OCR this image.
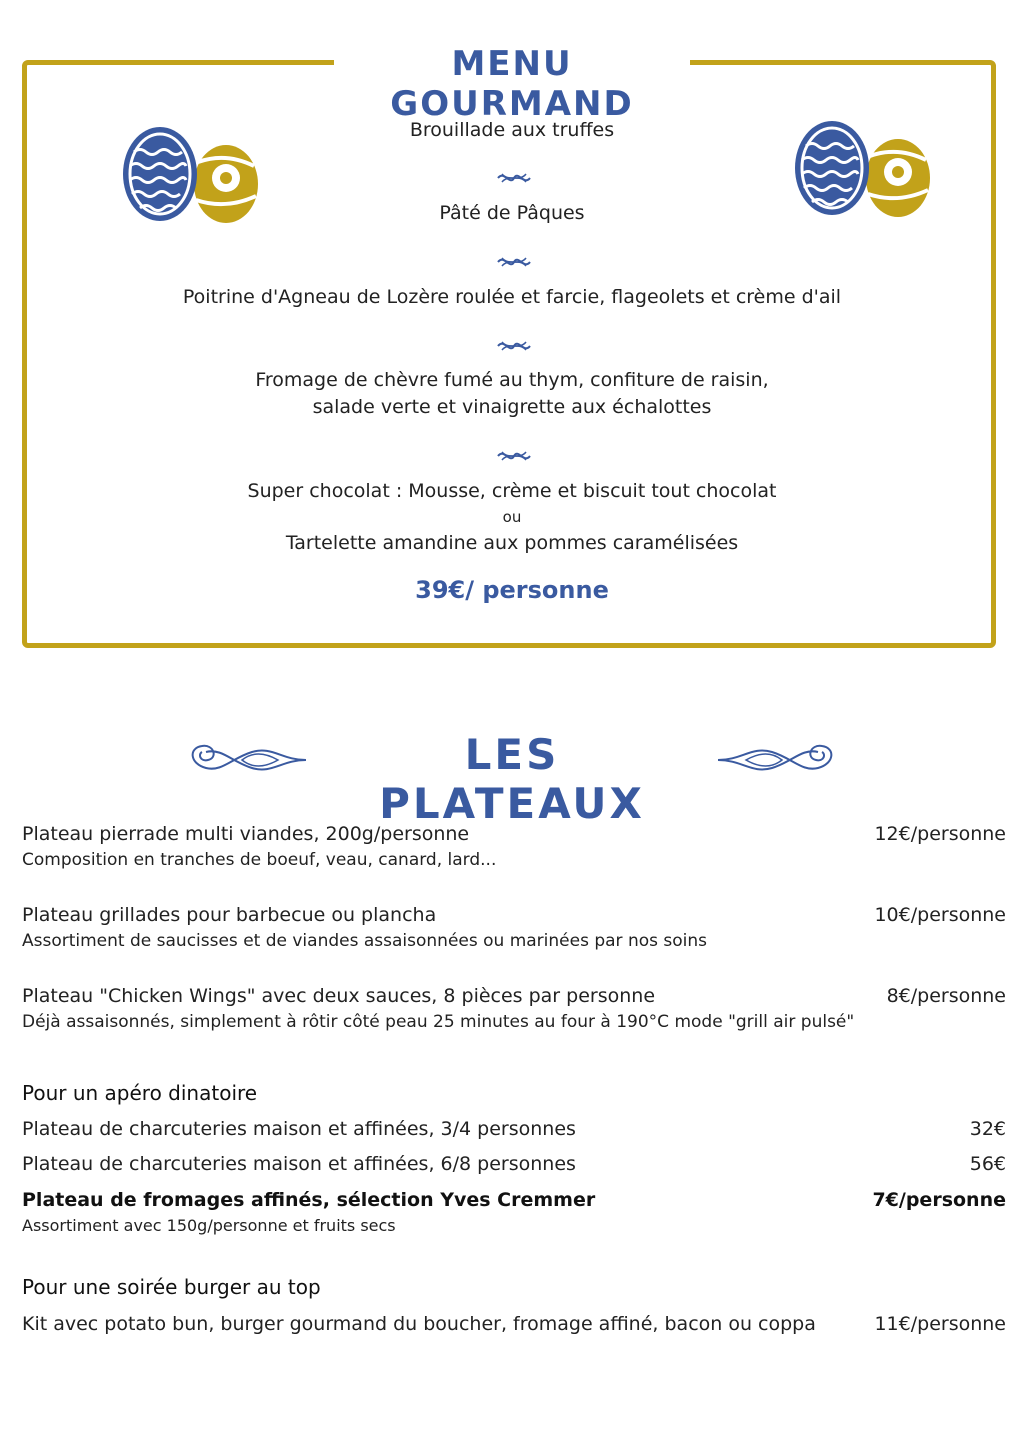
MENU GOURMAND
Brouillade aux truffes
Pâté de Pâques
Poitrine d'Agneau de Lozère roulée et farcie, flageolets et crème d'ail
Fromage de chèvre fumé au thym, confiture de raisin,
salade verte et vinaigrette aux échalottes
Super chocolat : Mousse, crème et biscuit tout chocolat
ou
Tartelette amandine aux pommes caramélisées
39€/ personne
LES PLATEAUX
Plateau pierrade multi viandes, 200g/personne	12€/personne
Composition en tranches de boeuf, veau, canard, lard...
Plateau grillades pour barbecue ou plancha	10€/personne
Assortiment de saucisses et de viandes assaisonnées ou marinées par nos soins
Plateau "Chicken Wings" avec deux sauces, 8 pièces par personne	8€/personne
Déjà assaisonnés, simplement à rôtir côté peau 25 minutes au four à 190°C mode "grill air pulsé"
Pour un apéro dinatoire
Plateau de charcuteries maison et affinées, 3/4 personnes	32€
Plateau de charcuteries maison et affinées, 6/8 personnes	56€
Plateau de fromages affinés, sélection Yves Cremmer	7€/personne
Assortiment avec 150g/personne et fruits secs
Pour une soirée burger au top
Kit avec potato bun, burger gourmand du boucher, fromage affiné, bacon ou coppa	11€/personne
